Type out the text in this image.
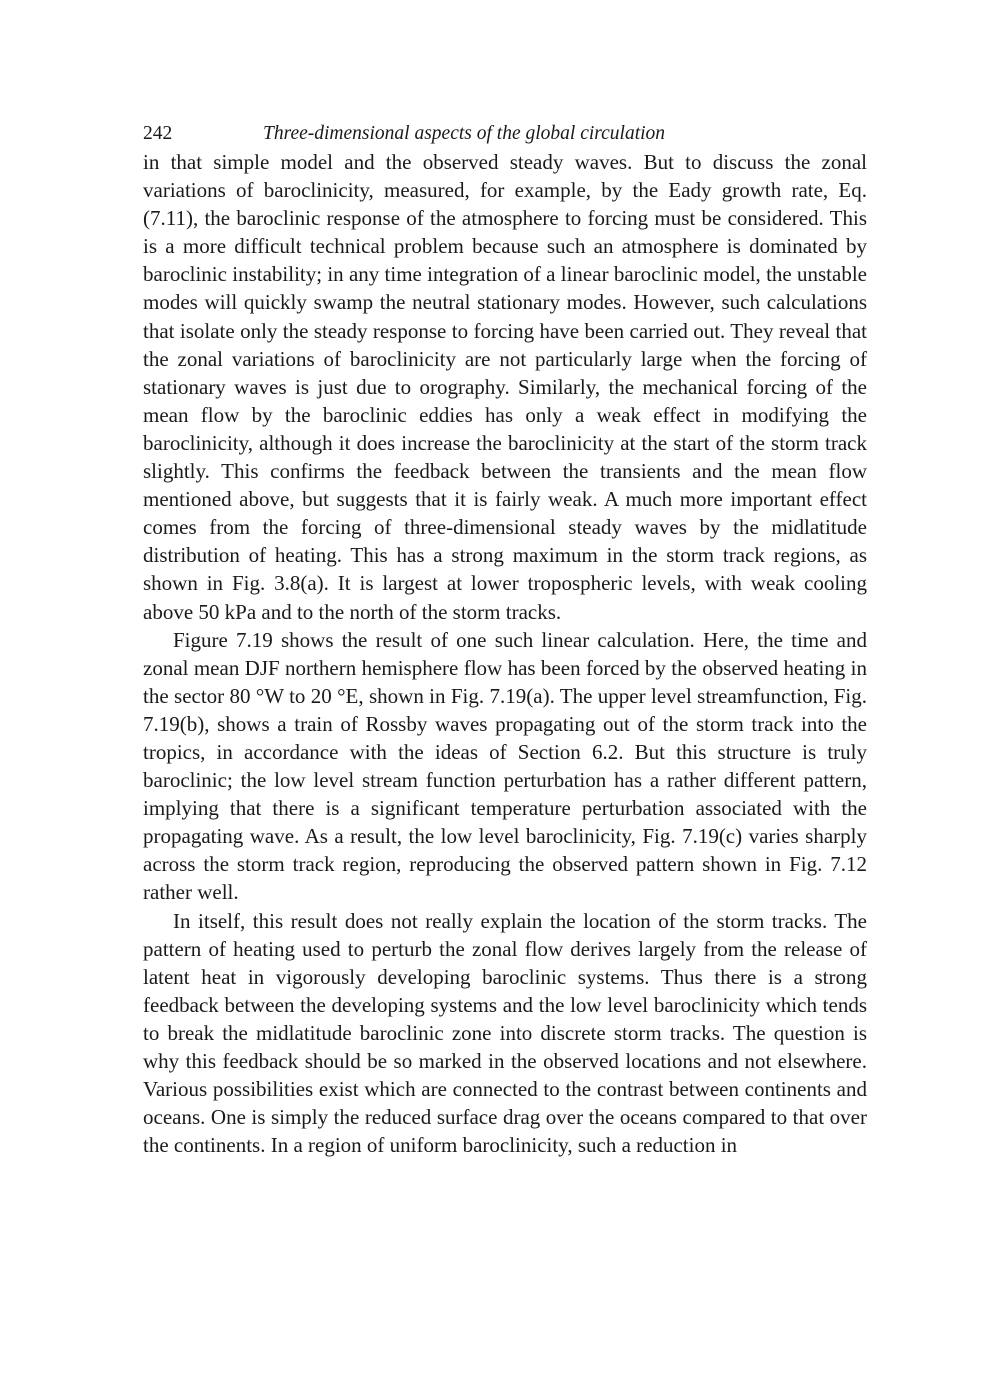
242	Three-dimensional aspects of the global circulation

in that simple model and the observed steady waves. But to discuss the zonal variations of baroclinicity, measured, for example, by the Eady growth rate, Eq. (7.11), the baroclinic response of the atmosphere to forcing must be considered. This is a more difficult technical problem because such an atmosphere is dominated by baroclinic instability; in any time integration of a linear baroclinic model, the unstable modes will quickly swamp the neutral stationary modes. However, such calculations that isolate only the steady response to forcing have been carried out. They reveal that the zonal variations of baroclinicity are not particularly large when the forcing of stationary waves is just due to orography. Similarly, the mechanical forcing of the mean flow by the baroclinic eddies has only a weak effect in modifying the baroclinicity, although it does increase the baroclinicity at the start of the storm track slightly. This confirms the feedback between the transients and the mean flow mentioned above, but suggests that it is fairly weak. A much more important effect comes from the forcing of three-dimensional steady waves by the midlatitude distribution of heating. This has a strong maximum in the storm track regions, as shown in Fig. 3.8(a). It is largest at lower tropospheric levels, with weak cooling above 50 kPa and to the north of the storm tracks.

Figure 7.19 shows the result of one such linear calculation. Here, the time and zonal mean DJF northern hemisphere flow has been forced by the observed heating in the sector 80 °W to 20 °E, shown in Fig. 7.19(a). The upper level streamfunction, Fig. 7.19(b), shows a train of Rossby waves propagating out of the storm track into the tropics, in accordance with the ideas of Section 6.2. But this structure is truly baroclinic; the low level stream function perturbation has a rather different pattern, implying that there is a significant temperature perturbation associated with the propagating wave. As a result, the low level baroclinicity, Fig. 7.19(c) varies sharply across the storm track region, reproducing the observed pattern shown in Fig. 7.12 rather well.

In itself, this result does not really explain the location of the storm tracks. The pattern of heating used to perturb the zonal flow derives largely from the release of latent heat in vigorously developing baroclinic systems. Thus there is a strong feedback between the developing systems and the low level baroclinicity which tends to break the midlatitude baroclinic zone into discrete storm tracks. The question is why this feedback should be so marked in the observed locations and not elsewhere. Various possibilities exist which are connected to the contrast between continents and oceans. One is simply the reduced surface drag over the oceans compared to that over the continents. In a region of uniform baroclinicity, such a reduction in
